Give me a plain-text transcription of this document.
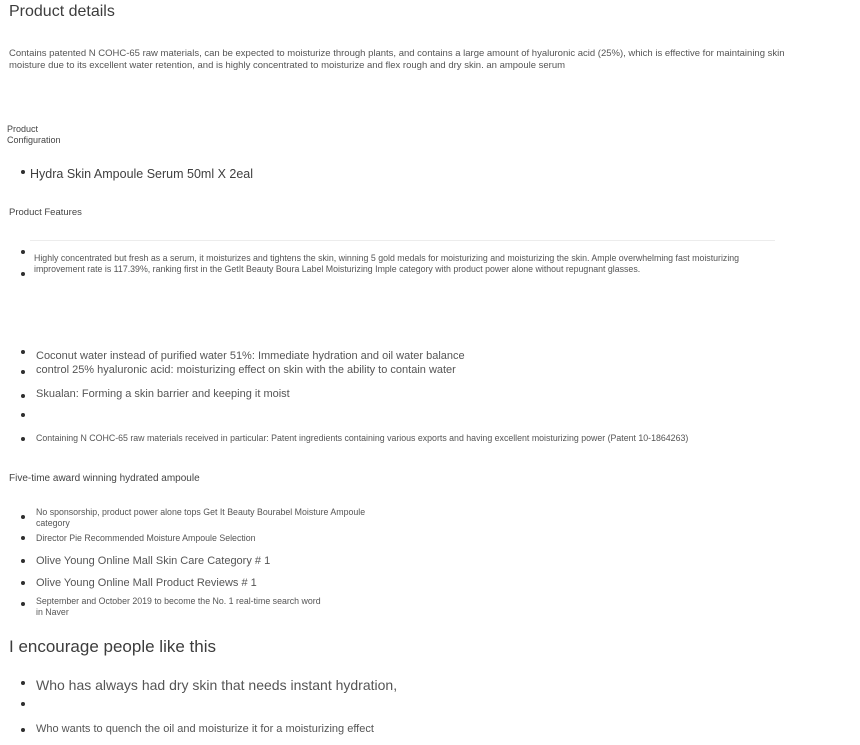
Product details
Contains patented N COHC-65 raw materials, can be expected to moisturize through plants, and contains a large amount of hyaluronic acid (25%), which is effective for maintaining skin moisture due to its excellent water retention, and is highly concentrated to moisturize and flex rough and dry skin. an ampoule serum
Product
Configuration
Hydra Skin Ampoule Serum 50ml X 2eal
Product Features
Highly concentrated but fresh as a serum, it moisturizes and tightens the skin, winning 5 gold medals for moisturizing and moisturizing the skin. Ample overwhelming fast moisturizing improvement rate is 117.39%, ranking first in the GetIt Beauty Boura Label Moisturizing Imple category with product power alone without repugnant glasses.
Coconut water instead of purified water 51%: Immediate hydration and oil water balance
control 25% hyaluronic acid: moisturizing effect on skin with the ability to contain water
Skualan: Forming a skin barrier and keeping it moist
Containing N COHC-65 raw materials received in particular: Patent ingredients containing various exports and having excellent moisturizing power (Patent 10-1864263)
Five-time award winning hydrated ampoule
No sponsorship, product power alone tops Get It Beauty Bourabel Moisture Ampoule category
Director Pie Recommended Moisture Ampoule Selection
Olive Young Online Mall Skin Care Category # 1
Olive Young Online Mall Product Reviews # 1
September and October 2019 to become the No. 1 real-time search word in Naver
I encourage people like this
Who has always had dry skin that needs instant hydration,
Who wants to quench the oil and moisturize it for a moisturizing effect
